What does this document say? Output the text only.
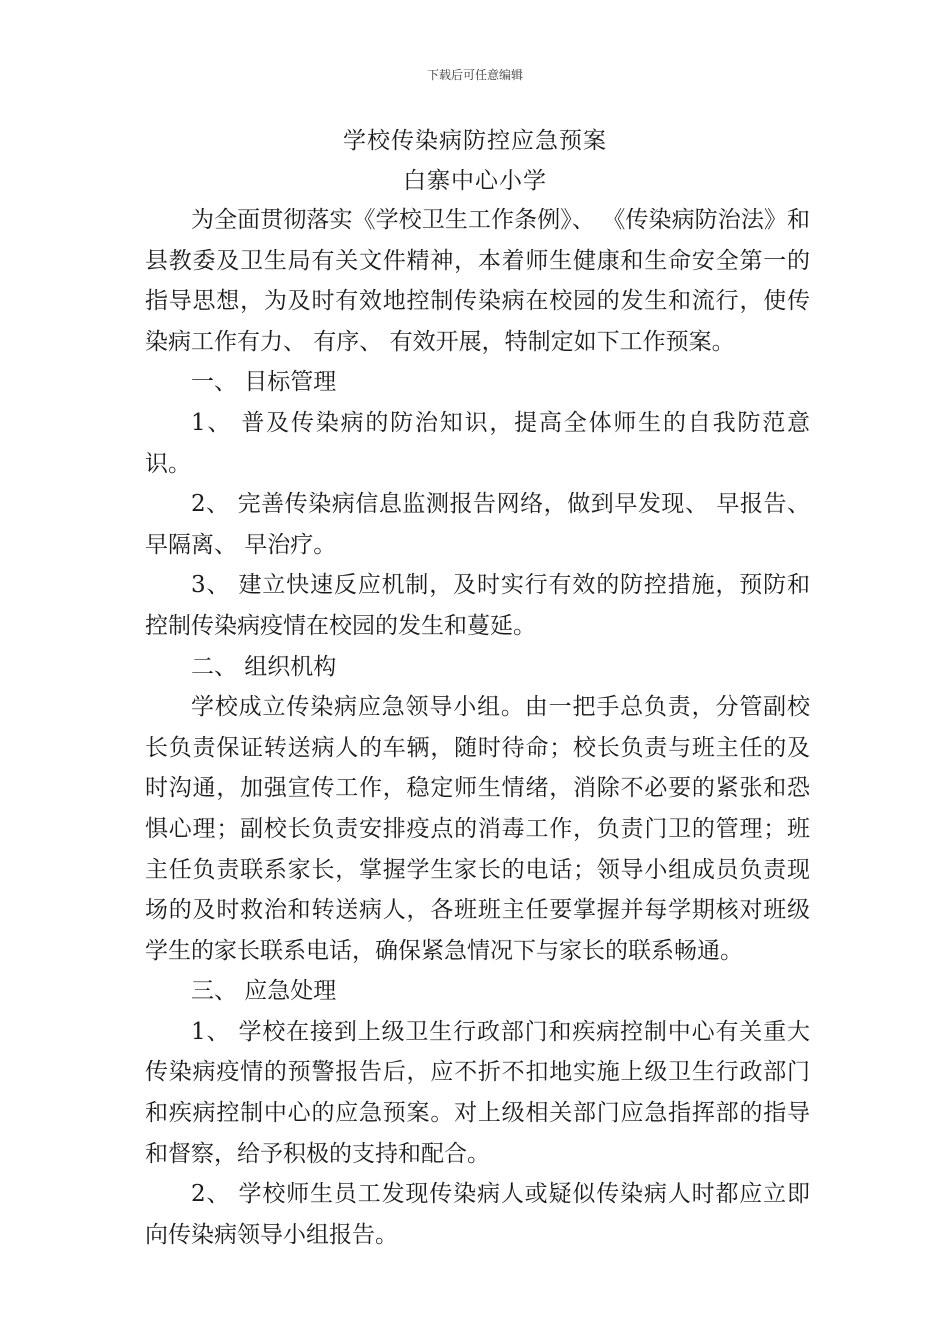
下载后可任意编辑
学校传染病防控应急预案
白寨中心小学

为全面贯彻落实《学校卫生工作条例》、 《传染病防治法》和县教委及卫生局有关文件精神，本着师生健康和生命安全第一的指导思想，为及时有效地控制传染病在校园的发生和流行，使传染病工作有力、 有序、 有效开展，特制定如下工作预案。

一、 目标管理

1、 普及传染病的防治知识，提高全体师生的自我防范意识。

2、 完善传染病信息监测报告网络，做到早发现、 早报告、早隔离、 早治疗。

3、 建立快速反应机制，及时实行有效的防控措施，预防和控制传染病疫情在校园的发生和蔓延。

二、 组织机构

学校成立传染病应急领导小组。由一把手总负责，分管副校长负责保证转送病人的车辆，随时待命；校长负责与班主任的及时沟通，加强宣传工作，稳定师生情绪，消除不必要的紧张和恐惧心理；副校长负责安排疫点的消毒工作，负责门卫的管理；班主任负责联系家长，掌握学生家长的电话；领导小组成员负责现场的及时救治和转送病人，各班班主任要掌握并每学期核对班级学生的家长联系电话，确保紧急情况下与家长的联系畅通。

三、 应急处理

1、 学校在接到上级卫生行政部门和疾病控制中心有关重大传染病疫情的预警报告后，应不折不扣地实施上级卫生行政部门和疾病控制中心的应急预案。对上级相关部门应急指挥部的指导和督察，给予积极的支持和配合。

2、 学校师生员工发现传染病人或疑似传染病人时都应立即向传染病领导小组报告。
